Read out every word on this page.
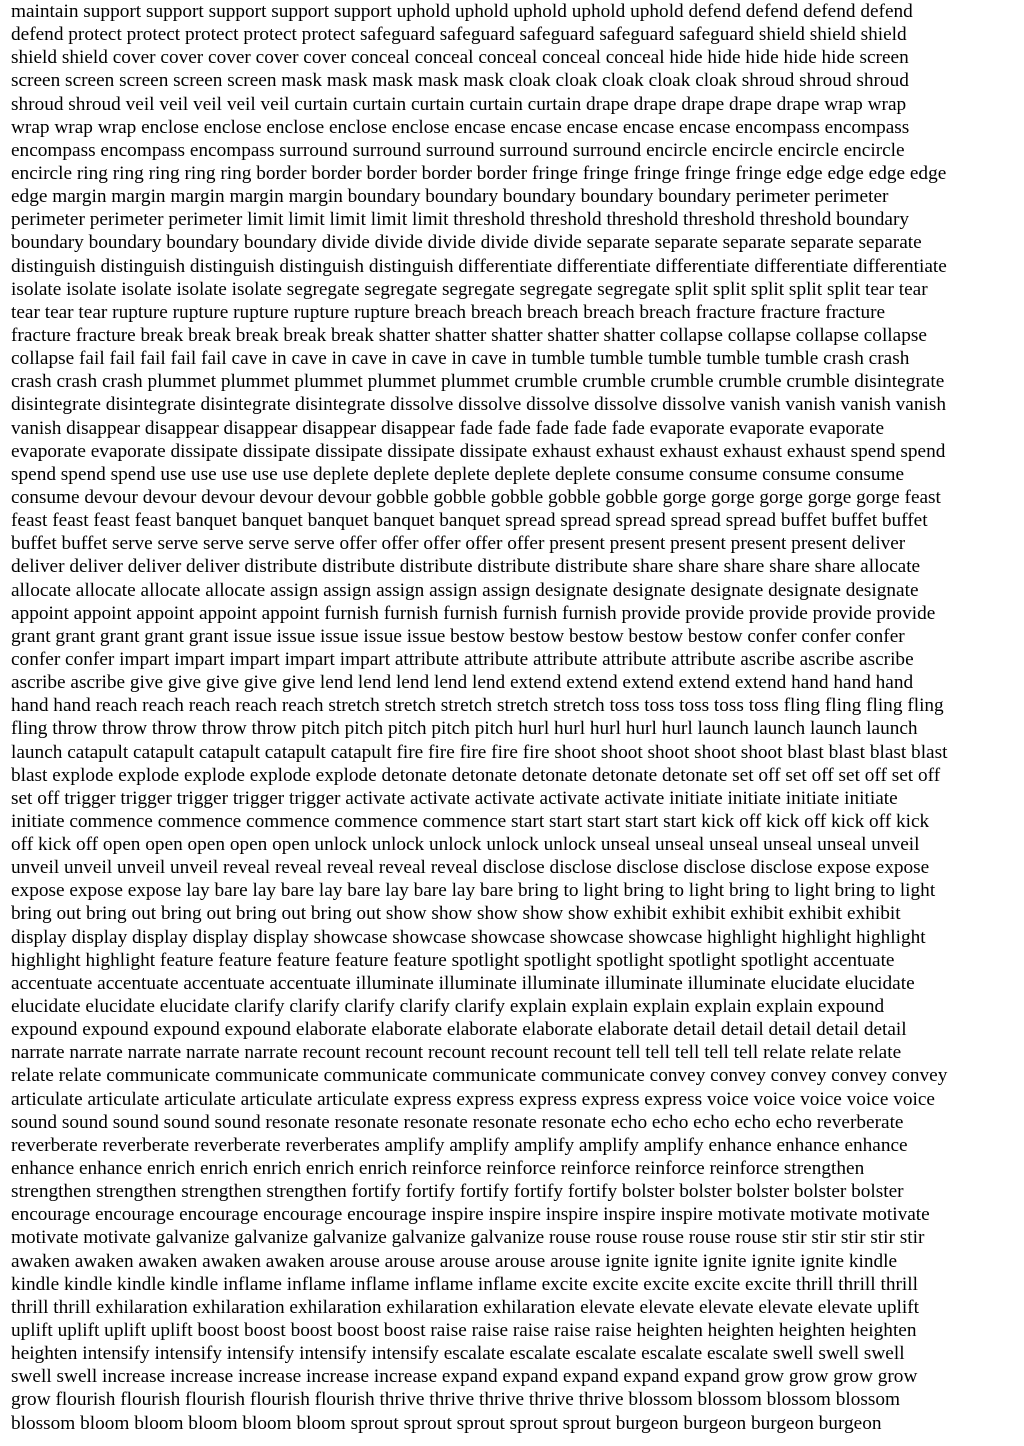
maintain support support support support support uphold uphold uphold uphold uphold defend defend defend defend
defend protect protect protect protect protect safeguard safeguard safeguard safeguard safeguard shield shield shield
shield shield cover cover cover cover cover conceal conceal conceal conceal conceal hide hide hide hide hide screen
screen screen screen screen screen mask mask mask mask mask cloak cloak cloak cloak cloak shroud shroud shroud
shroud shroud veil veil veil veil veil curtain curtain curtain curtain curtain drape drape drape drape drape wrap wrap
wrap wrap wrap enclose enclose enclose enclose enclose encase encase encase encase encase encompass encompass
encompass encompass encompass surround surround surround surround surround encircle encircle encircle encircle
encircle ring ring ring ring ring border border border border border fringe fringe fringe fringe fringe edge edge edge edge
edge margin margin margin margin margin boundary boundary boundary boundary boundary perimeter perimeter
perimeter perimeter perimeter limit limit limit limit limit threshold threshold threshold threshold threshold boundary
boundary boundary boundary boundary divide divide divide divide divide separate separate separate separate separate
distinguish distinguish distinguish distinguish distinguish differentiate differentiate differentiate differentiate differentiate
isolate isolate isolate isolate isolate segregate segregate segregate segregate segregate split split split split split tear tear
tear tear tear rupture rupture rupture rupture rupture breach breach breach breach breach fracture fracture fracture
fracture fracture break break break break break shatter shatter shatter shatter shatter collapse collapse collapse collapse
collapse fail fail fail fail fail cave in cave in cave in cave in cave in tumble tumble tumble tumble tumble crash crash
crash crash crash plummet plummet plummet plummet plummet crumble crumble crumble crumble crumble disintegrate
disintegrate disintegrate disintegrate disintegrate dissolve dissolve dissolve dissolve dissolve vanish vanish vanish vanish
vanish disappear disappear disappear disappear disappear fade fade fade fade fade evaporate evaporate evaporate
evaporate evaporate dissipate dissipate dissipate dissipate dissipate exhaust exhaust exhaust exhaust exhaust spend spend
spend spend spend use use use use use deplete deplete deplete deplete deplete consume consume consume consume
consume devour devour devour devour devour gobble gobble gobble gobble gobble gorge gorge gorge gorge gorge feast
feast feast feast feast banquet banquet banquet banquet banquet spread spread spread spread spread buffet buffet buffet
buffet buffet serve serve serve serve serve offer offer offer offer offer present present present present present deliver
deliver deliver deliver deliver distribute distribute distribute distribute distribute share share share share share allocate
allocate allocate allocate allocate assign assign assign assign assign designate designate designate designate designate
appoint appoint appoint appoint appoint furnish furnish furnish furnish furnish provide provide provide provide provide
grant grant grant grant grant issue issue issue issue issue bestow bestow bestow bestow bestow confer confer confer
confer confer impart impart impart impart impart attribute attribute attribute attribute attribute ascribe ascribe ascribe
ascribe ascribe give give give give give lend lend lend lend lend extend extend extend extend extend hand hand hand
hand hand reach reach reach reach reach stretch stretch stretch stretch stretch toss toss toss toss toss fling fling fling fling
fling throw throw throw throw throw pitch pitch pitch pitch pitch hurl hurl hurl hurl hurl launch launch launch launch
launch catapult catapult catapult catapult catapult fire fire fire fire fire shoot shoot shoot shoot shoot blast blast blast blast
blast explode explode explode explode explode detonate detonate detonate detonate detonate set off set off set off set off
set off trigger trigger trigger trigger trigger activate activate activate activate activate initiate initiate initiate initiate
initiate commence commence commence commence commence start start start start start kick off kick off kick off kick
off kick off open open open open open unlock unlock unlock unlock unlock unseal unseal unseal unseal unseal unveil
unveil unveil unveil unveil reveal reveal reveal reveal reveal disclose disclose disclose disclose disclose expose expose
expose expose expose lay bare lay bare lay bare lay bare lay bare bring to light bring to light bring to light bring to light
bring out bring out bring out bring out bring out show show show show show exhibit exhibit exhibit exhibit exhibit
display display display display display showcase showcase showcase showcase showcase highlight highlight highlight
highlight highlight feature feature feature feature feature spotlight spotlight spotlight spotlight spotlight accentuate
accentuate accentuate accentuate accentuate illuminate illuminate illuminate illuminate illuminate elucidate elucidate
elucidate elucidate elucidate clarify clarify clarify clarify clarify explain explain explain explain explain expound
expound expound expound expound elaborate elaborate elaborate elaborate elaborate detail detail detail detail detail
narrate narrate narrate narrate narrate recount recount recount recount recount tell tell tell tell tell relate relate relate
relate relate communicate communicate communicate communicate communicate convey convey convey convey convey
articulate articulate articulate articulate articulate express express express express express voice voice voice voice voice
sound sound sound sound sound resonate resonate resonate resonate resonate echo echo echo echo echo reverberate
reverberate reverberate reverberate reverberates amplify amplify amplify amplify amplify enhance enhance enhance
enhance enhance enrich enrich enrich enrich enrich reinforce reinforce reinforce reinforce reinforce strengthen
strengthen strengthen strengthen strengthen fortify fortify fortify fortify fortify bolster bolster bolster bolster bolster
encourage encourage encourage encourage encourage inspire inspire inspire inspire inspire motivate motivate motivate
motivate motivate galvanize galvanize galvanize galvanize galvanize rouse rouse rouse rouse rouse stir stir stir stir stir
awaken awaken awaken awaken awaken arouse arouse arouse arouse arouse ignite ignite ignite ignite ignite kindle
kindle kindle kindle kindle inflame inflame inflame inflame inflame excite excite excite excite excite thrill thrill thrill
thrill thrill exhilaration exhilaration exhilaration exhilaration exhilaration elevate elevate elevate elevate elevate uplift
uplift uplift uplift uplift boost boost boost boost boost raise raise raise raise raise heighten heighten heighten heighten
heighten intensify intensify intensify intensify intensify escalate escalate escalate escalate escalate swell swell swell
swell swell increase increase increase increase increase expand expand expand expand expand grow grow grow grow
grow flourish flourish flourish flourish flourish thrive thrive thrive thrive thrive blossom blossom blossom blossom
blossom bloom bloom bloom bloom bloom sprout sprout sprout sprout sprout burgeon burgeon burgeon burgeon
